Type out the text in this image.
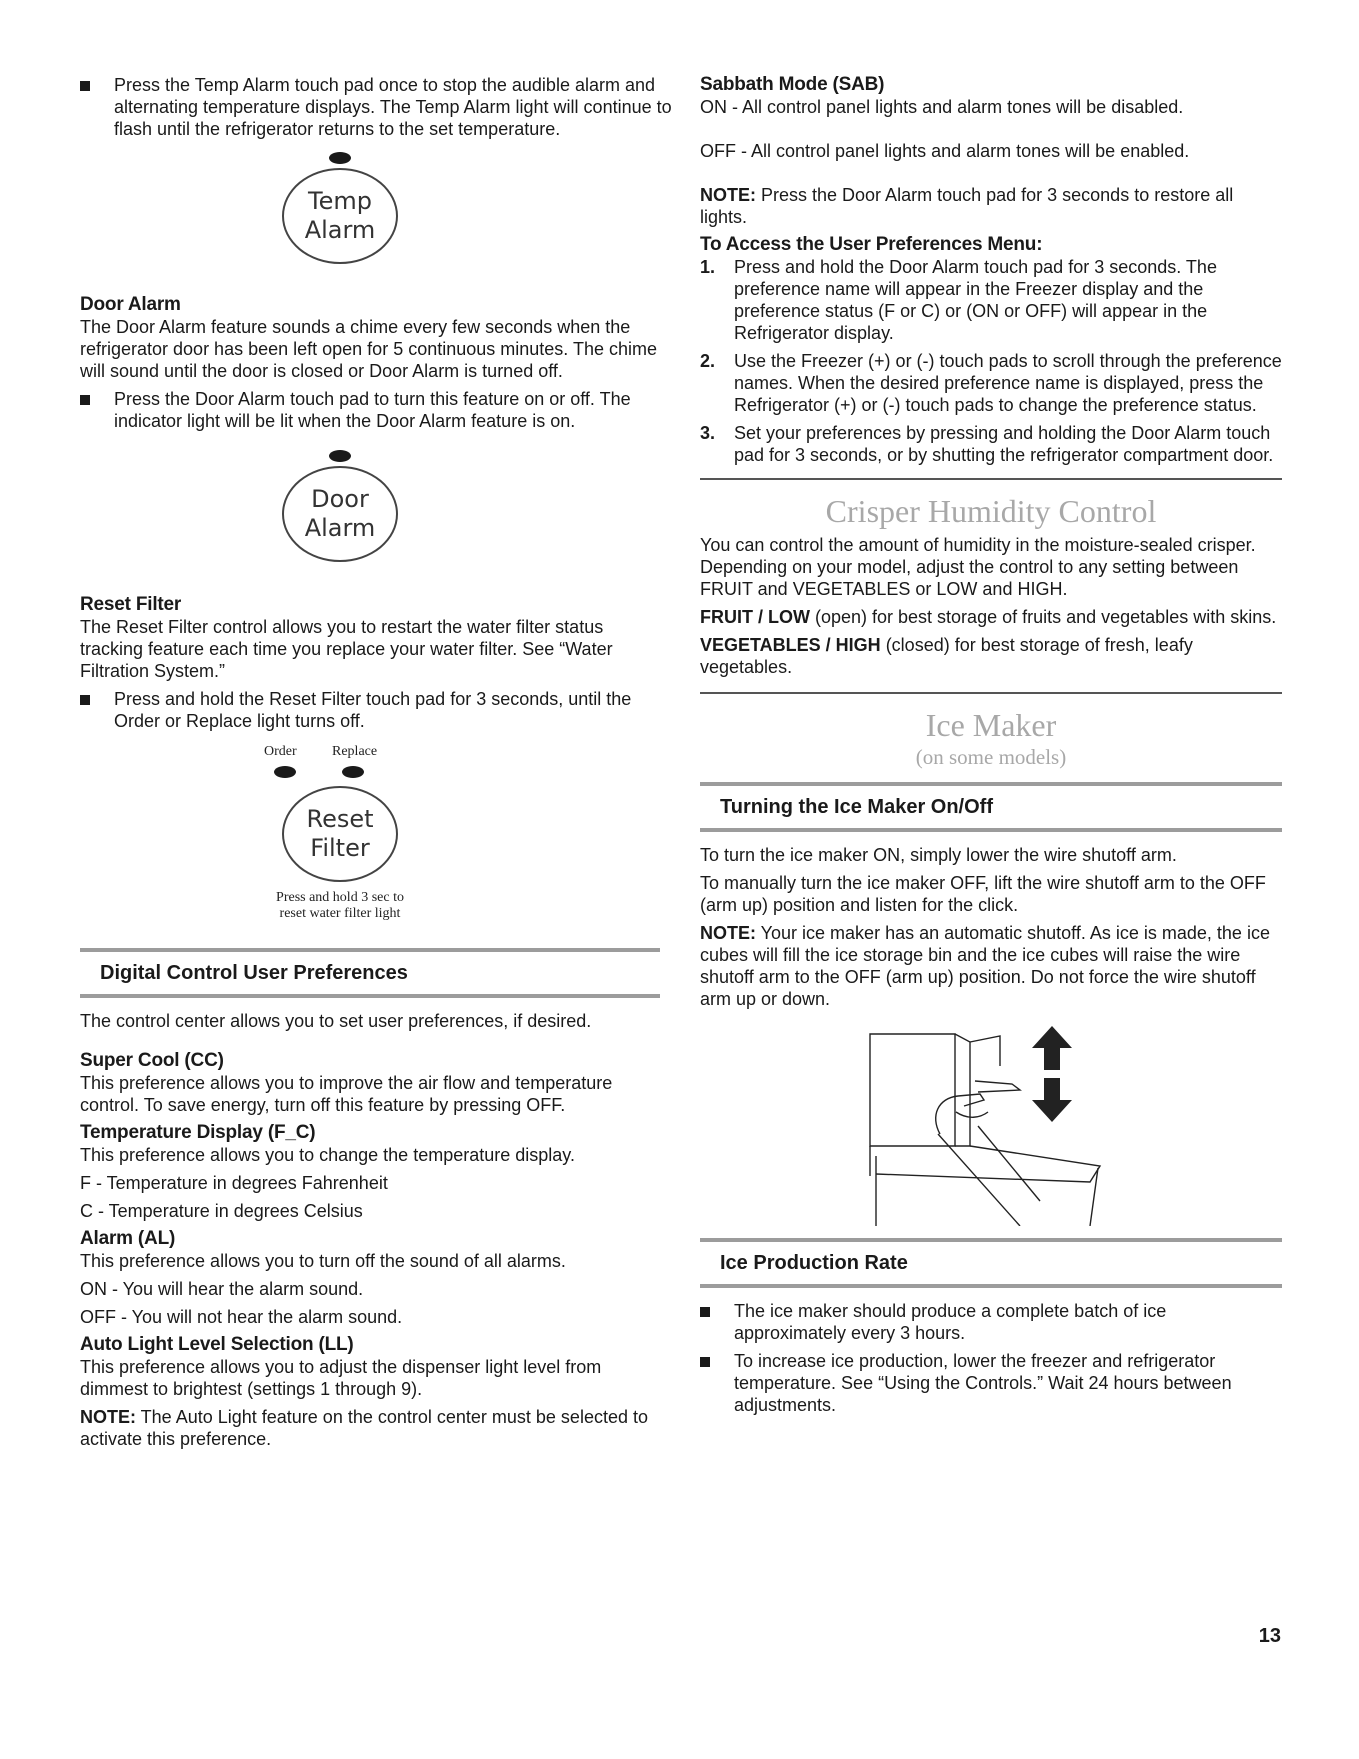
Press the Temp Alarm touch pad once to stop the audible alarm and alternating temperature displays. The Temp Alarm light will continue to flash until the refrigerator returns to the set temperature.

Temp
Alarm

Door Alarm

The Door Alarm feature sounds a chime every few seconds when the refrigerator door has been left open for 5 continuous minutes. The chime will sound until the door is closed or Door Alarm is turned off.

Press the Door Alarm touch pad to turn this feature on or off. The indicator light will be lit when the Door Alarm feature is on.

Door
Alarm

Reset Filter

The Reset Filter control allows you to restart the water filter status tracking feature each time you replace your water filter. See “Water Filtration System.”

Press and hold the Reset Filter touch pad for 3 seconds, until the Order or Replace light turns off.

Order	Replace
Reset
Filter
Press and hold 3 sec to
reset water filter light
Digital Control User Preferences

The control center allows you to set user preferences, if desired.

Super Cool (CC)

This preference allows you to improve the air flow and temperature control. To save energy, turn off this feature by pressing OFF.

Temperature Display (F_C)

This preference allows you to change the temperature display.

F - Temperature in degrees Fahrenheit

C - Temperature in degrees Celsius

Alarm (AL)

This preference allows you to turn off the sound of all alarms.

ON - You will hear the alarm sound.

OFF - You will not hear the alarm sound.

Auto Light Level Selection (LL)

This preference allows you to adjust the dispenser light level from dimmest to brightest (settings 1 through 9).

NOTE: The Auto Light feature on the control center must be selected to activate this preference.

Sabbath Mode (SAB)

ON - All control panel lights and alarm tones will be disabled.

OFF - All control panel lights and alarm tones will be enabled.

NOTE: Press the Door Alarm touch pad for 3 seconds to restore all lights.

To Access the User Preferences Menu:

1. Press and hold the Door Alarm touch pad for 3 seconds. The preference name will appear in the Freezer display and the preference status (F or C) or (ON or OFF) will appear in the Refrigerator display.
2. Use the Freezer (+) or (-) touch pads to scroll through the preference names. When the desired preference name is displayed, press the Refrigerator (+) or (-) touch pads to change the preference status.
3. Set your preferences by pressing and holding the Door Alarm touch pad for 3 seconds, or by shutting the refrigerator compartment door.

Crisper Humidity Control

You can control the amount of humidity in the moisture-sealed crisper. Depending on your model, adjust the control to any setting between FRUIT and VEGETABLES or LOW and HIGH.

FRUIT / LOW (open) for best storage of fruits and vegetables with skins.

VEGETABLES / HIGH (closed) for best storage of fresh, leafy vegetables.

Ice Maker

(on some models)

Turning the Ice Maker On/Off

To turn the ice maker ON, simply lower the wire shutoff arm.

To manually turn the ice maker OFF, lift the wire shutoff arm to the OFF (arm up) position and listen for the click.

NOTE: Your ice maker has an automatic shutoff. As ice is made, the ice cubes will fill the ice storage bin and the ice cubes will raise the wire shutoff arm to the OFF (arm up) position. Do not force the wire shutoff arm up or down.

Ice Production Rate

The ice maker should produce a complete batch of ice approximately every 3 hours.

To increase ice production, lower the freezer and refrigerator temperature. See “Using the Controls.” Wait 24 hours between adjustments.

13
